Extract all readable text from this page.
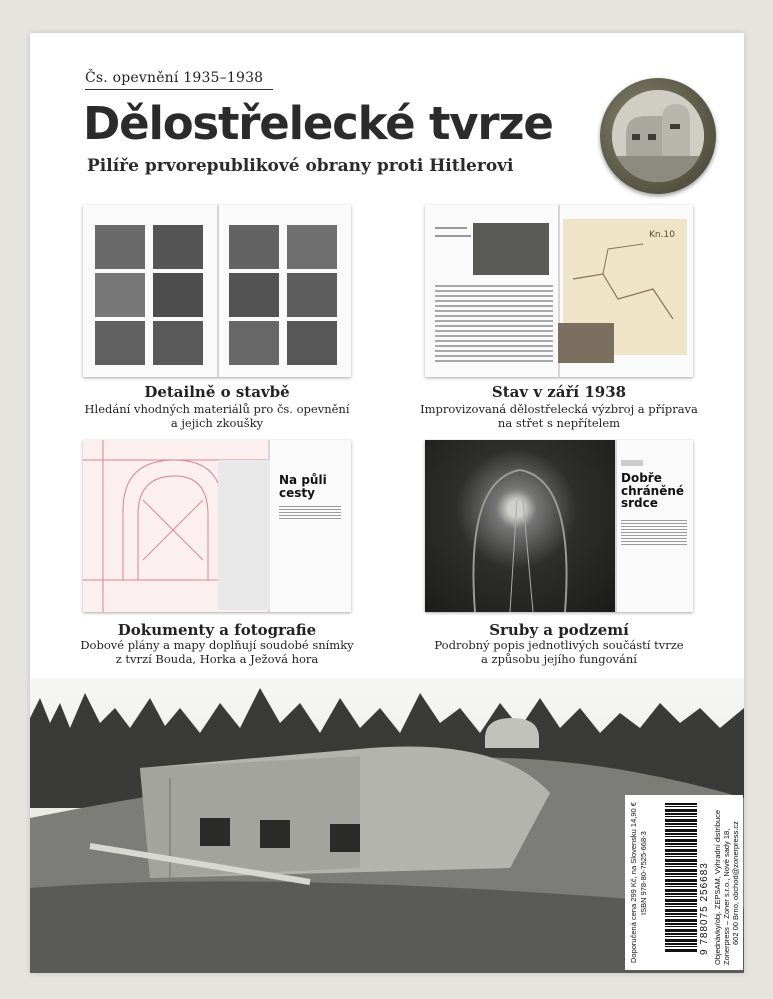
Čs. opevnění 1935–1938
Dělostřelecké tvrze
Pilíře prvorepublikové obrany proti Hitlerovi
Kn.10
Detailně o stavbě
Hledání vhodných materiálů pro čs. opevnění
a jejich zkoušky
Stav v září 1938
Improvizovaná dělostřelecká výzbroj a příprava
na střet s nepřítelem
Na půli
cesty
Dobře
chráněné
srdce
Dokumenty a fotografie
Dobové plány a mapy doplňují soudobé snímky
z tvrzí Bouda, Horka a Ježová hora
Sruby a podzemí
Podrobný popis jednotlivých součástí tvrze
a způsobu jejího fungování
Doporučená cena 299 Kč, na Slovensku 14,90 € ISBN 978-80-7525-668-3	9 788075 256683 Objednávky/obj. ZEPSAM, Výhradní distribuce Zonerpress – Zoner s.r.o., Nové sady 18, 602 00 Brno, obchod@zonerpress.cz
